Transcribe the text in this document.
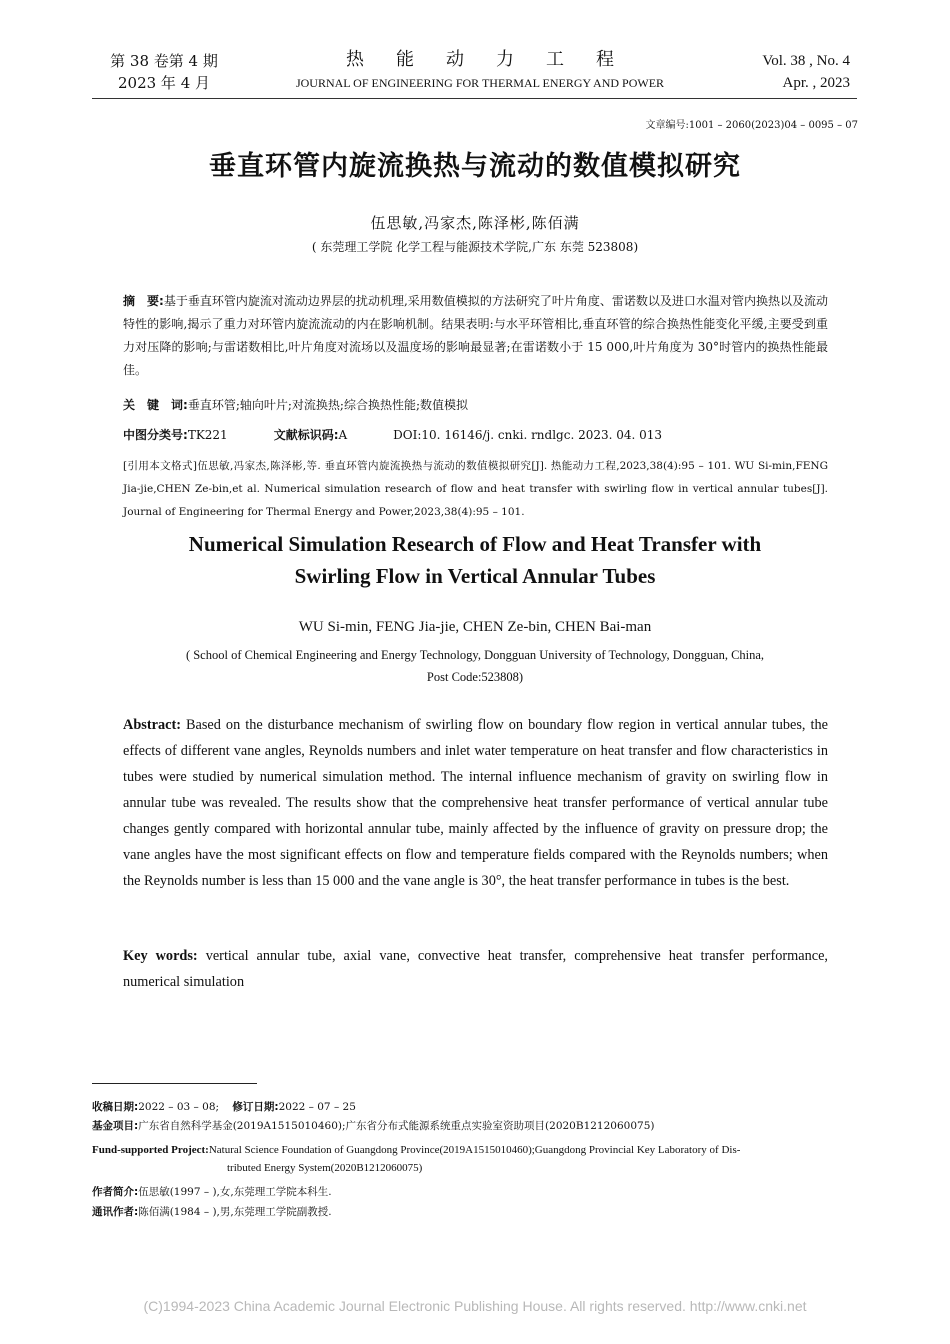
第 38 卷第 4 期
2023 年 4 月
热能动力工程
JOURNAL OF ENGINEERING FOR THERMAL ENERGY AND POWER
Vol. 38 , No. 4
Apr. , 2023
文章编号:1001 – 2060(2023)04 – 0095 – 07
垂直环管内旋流换热与流动的数值模拟研究
伍思敏,冯家杰,陈泽彬,陈佰满
( 东莞理工学院 化学工程与能源技术学院,广东 东莞 523808)
摘　要:基于垂直环管内旋流对流动边界层的扰动机理,采用数值模拟的方法研究了叶片角度、雷诺数以及进口水温对管内换热以及流动特性的影响,揭示了重力对环管内旋流流动的内在影响机制。结果表明:与水平环管相比,垂直环管的综合换热性能变化平缓,主要受到重力对压降的影响;与雷诺数相比,叶片角度对流场以及温度场的影响最显著;在雷诺数小于 15 000,叶片角度为 30°时管内的换热性能最佳。
关　键　词:垂直环管;轴向叶片;对流换热;综合换热性能;数值模拟
中图分类号:TK221	文献标识码:A	DOI:10. 16146/j. cnki. rndlgc. 2023. 04. 013
[引用本文格式]伍思敏,冯家杰,陈泽彬,等. 垂直环管内旋流换热与流动的数值模拟研究[J]. 热能动力工程,2023,38(4):95 – 101. WU Si-min,FENG Jia-jie,CHEN Ze-bin,et al. Numerical simulation research of flow and heat transfer with swirling flow in vertical annular tubes[J]. Journal of Engineering for Thermal Energy and Power,2023,38(4):95 – 101.
Numerical Simulation Research of Flow and Heat Transfer with
Swirling Flow in Vertical Annular Tubes
WU Si-min, FENG Jia-jie, CHEN Ze-bin, CHEN Bai-man
( School of Chemical Engineering and Energy Technology, Dongguan University of Technology, Dongguan, China,
Post Code:523808)
Abstract: Based on the disturbance mechanism of swirling flow on boundary flow region in vertical annular tubes, the effects of different vane angles, Reynolds numbers and inlet water temperature on heat transfer and flow characteristics in tubes were studied by numerical simulation method. The internal influence mechanism of gravity on swirling flow in annular tube was revealed. The results show that the comprehensive heat transfer performance of vertical annular tube changes gently compared with horizontal annular tube, mainly affected by the influence of gravity on pressure drop; the vane angles have the most significant effects on flow and temperature fields compared with the Reynolds numbers; when the Reynolds number is less than 15 000 and the vane angle is 30°, the heat transfer performance in tubes is the best.
Key words: vertical annular tube, axial vane, convective heat transfer, comprehensive heat transfer performance, numerical simulation
收稿日期:2022 – 03 – 08; 修订日期:2022 – 07 – 25
基金项目:广东省自然科学基金(2019A1515010460);广东省分布式能源系统重点实验室资助项目(2020B1212060075)
Fund-supported Project:Natural Science Foundation of Guangdong Province(2019A1515010460);Guangdong Provincial Key Laboratory of Dis-
tributed Energy System(2020B1212060075)
作者简介:伍思敏(1997 – ),女,东莞理工学院本科生.
通讯作者:陈佰满(1984 – ),男,东莞理工学院副教授.
(C)1994-2023 China Academic Journal Electronic Publishing House. All rights reserved. http://www.cnki.net
